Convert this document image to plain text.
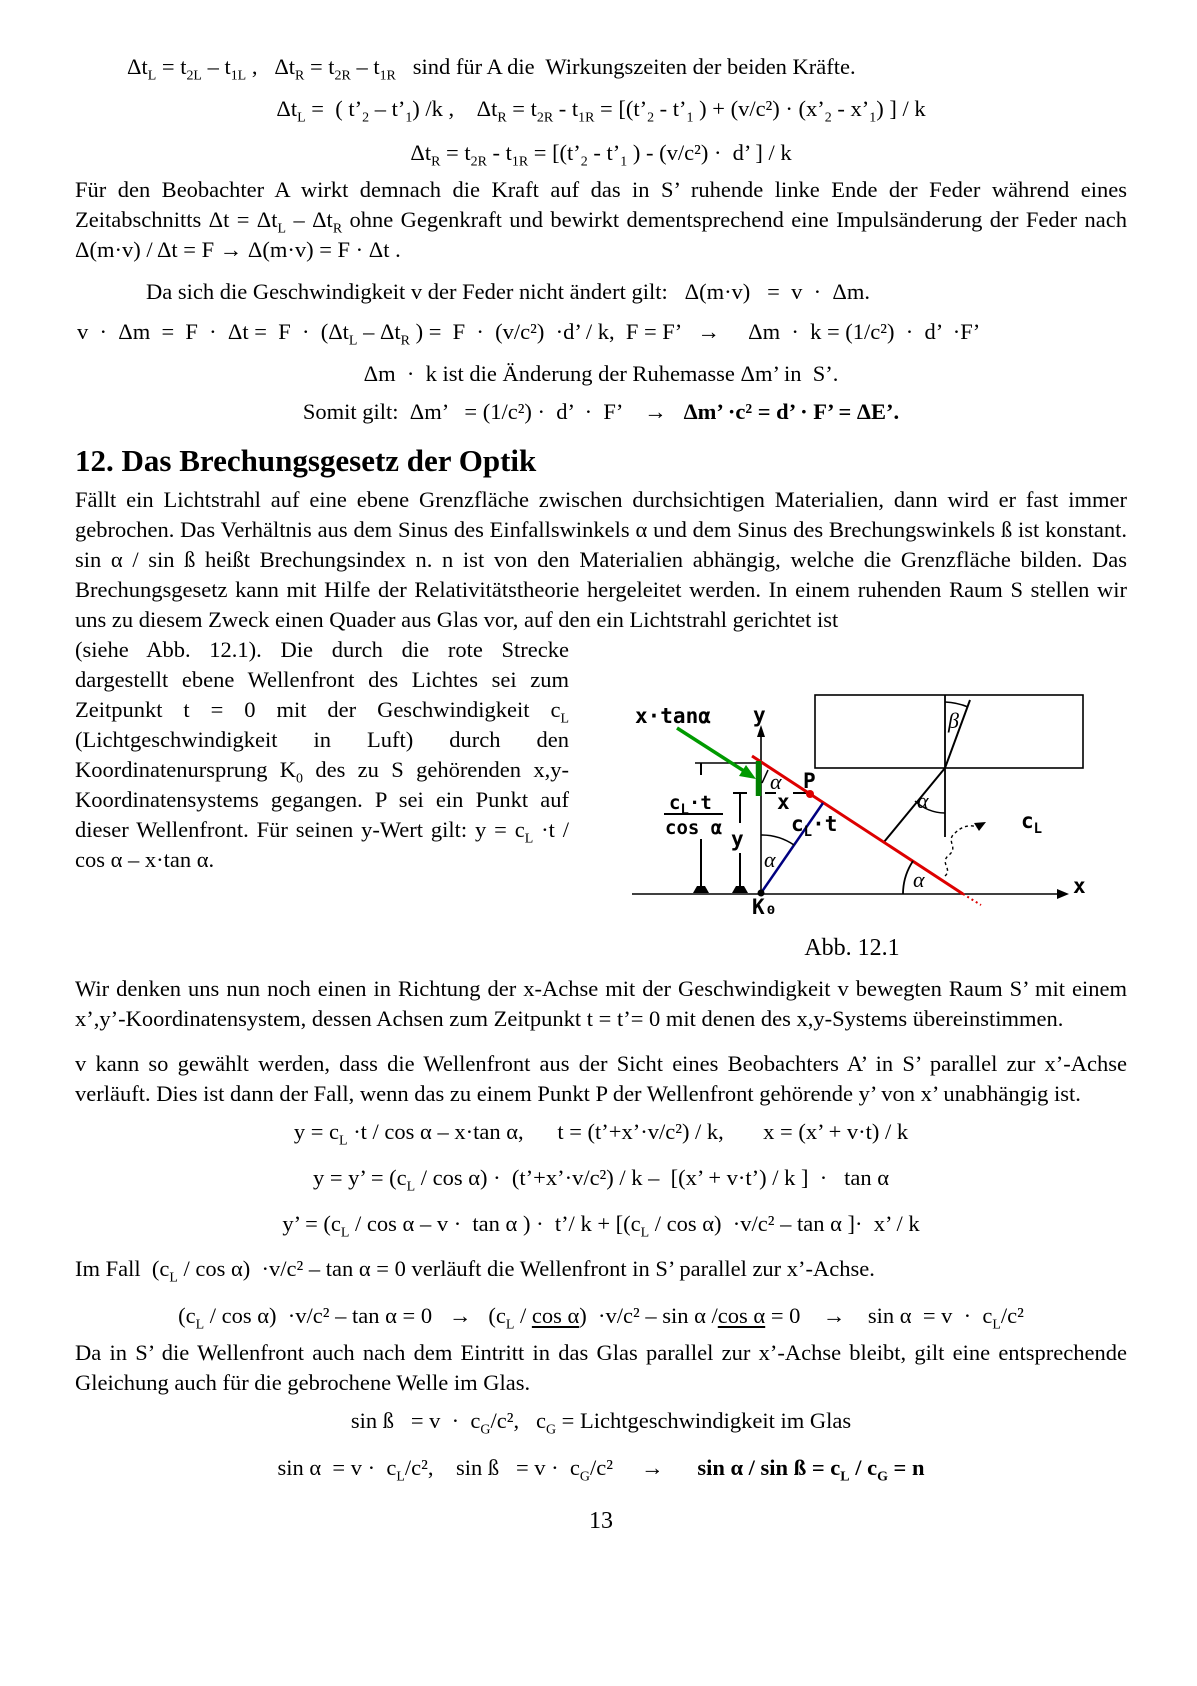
$\Delta t_L = t_{2L} - t_{1L}$ ,   $\Delta t_R = t_{2R} - t_{1R}$   sind für A die  Wirkungszeiten der beiden Kräfte.
$\Delta t_L$ =  ( $t’_2$ – $t’_1$) /k ,    $\Delta t_R = t_{2R} - t_{1R}$ = [($t’_2$ - $t’_1$ ) + $(v/c^2) \cdot (x’_2$ - $x’_1$) ] / k
$\Delta t_R = t_{2R} - t_{1R}$ = [($t’_2$ - $t’_1$ ) - (v/c²) ·  d’ ] / k

Für den Beobachter A wirkt demnach die Kraft auf das in S’ ruhende linke Ende der Feder während eines Zeitabschnitts $\Delta t = \Delta t_L - \Delta t_R$ ohne Gegenkraft und bewirkt dementsprechend eine Impulsänderung der Feder nach Δ(m·v) / Δt = F → Δ(m·v) = F · Δt .

Da sich die Geschwindigkeit v der Feder nicht ändert gilt:   Δ(m·v)   =  v  ·  Δm.
$v \cdot \Delta m = F \cdot \Delta t = F \cdot (\Delta t_L - \Delta t_R$ ) =  F  ·  (v/c²)  ·d’ / k,  F = F’   →     Δm  ·  k = (1/c²)  ·  d’  ·F’
Δm  ·  k ist die Änderung der Ruhemasse Δm’ in  S’.
Somit gilt:  Δm’   = (1/c²) ·  d’  ·  F’    →   Δm’ ·c² = d’ · F’ = ΔE’.
12. Das Brechungsgesetz der Optik

Fällt ein Lichtstrahl auf eine ebene Grenzfläche zwischen durchsichtigen Materialien, dann wird er fast immer gebrochen. Das Verhältnis aus dem Sinus des Einfallswinkels α und dem Sinus des Brechungswinkels ß ist konstant. sin α / sin ß heißt Brechungsindex n. n ist von den Materialien abhängig, welche die Grenzfläche bilden. Das Brechungsgesetz kann mit Hilfe der Relativitätstheorie hergeleitet werden. In einem ruhenden Raum S stellen wir uns zu diesem Zweck einen Quader aus Glas vor, auf den ein Lichtstrahl gerichtet ist

(siehe Abb. 12.1). Die durch die rote Strecke dargestellt ebene Wellenfront des Lichtes sei zum Zeitpunkt t = 0 mit der Geschwindigkeit $c_L$ (Lichtgeschwindigkeit in Luft) durch den Koordinatenursprung $K_0$ des zu S gehörenden x,y-Koordinatensystems gegangen. P sei ein Punkt auf dieser Wellenfront. Für seinen y-Wert gilt: $y = c_L \cdot t / \cos \alpha - x\cdot\tan$ α.
β
α
x
y
$c_L\cdot t$
cos α y
x
P
x·tanα
α
$c_L\cdot t$
α
K₀
α
$c_L$
Abb. 12.1

Wir denken uns nun noch einen in Richtung der x-Achse mit der Geschwindigkeit v bewegten Raum S’ mit einem x’,y’-Koordinatensystem, dessen Achsen zum Zeitpunkt t = t’= 0 mit denen des x,y-Systems übereinstimmen.

v kann so gewählt werden, dass die Wellenfront aus der Sicht eines Beobachters A’ in S’ parallel zur x’-Achse verläuft. Dies ist dann der Fall, wenn das zu einem Punkt P der Wellenfront gehörende y’ von x’ unabhängig ist.

$y = c_L \cdot t / \cos \alpha - x\cdot\tan$ α,      t = (t’+x’·v/c²) / k,       x = (x’ + v·t) / k
y = y’ = ($c_L$ / cos α) ·  (t’+x’·v/c²) / k –  [(x’ + v·t’) / k ]  ·   tan α
y’ = ($c_L / \cos \alpha - v \cdot \tan \alpha$ ) ·  t’/ $k + [(c_L / \cos \alpha) \cdot v/c^2 - \tan \alpha$ ]·  x’ / k
Im Fall  $(c_L / \cos \alpha) \cdot v/c^2 - \tan \alpha = 0$ verläuft die Wellenfront in S’ parallel zur x’-Achse.
$(c_L / \cos \alpha) \cdot v/c^2 - \tan \alpha = 0 \to (c_L / \cos \alpha) \cdot v/c^2 - \sin \alpha$ /cos α = 0    →    $\sin \alpha = v \cdot c_L/c^2$

Da in S’ die Wellenfront auch nach dem Eintritt in das Glas parallel zur x’-Achse bleibt, gilt eine entsprechende Gleichung auch für die gebrochene Welle im Glas.

sin ß   = $v \cdot c_G/c^2$,   $c_G$ = Lichtgeschwindigkeit im Glas
$\sin \alpha = v \cdot c_L/c^2$,    sin ß   = $v \cdot c_G/c^2$     →      sin α / sin ß = $c_L / c_G = n$
13
